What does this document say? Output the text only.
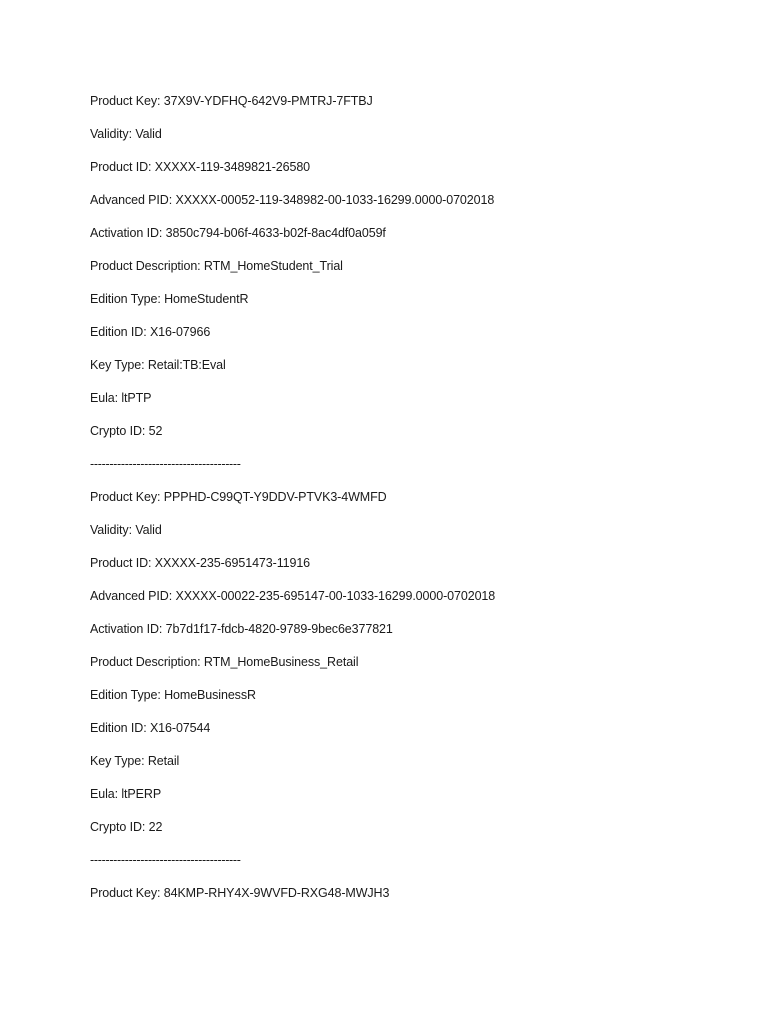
Product Key: 37X9V-YDFHQ-642V9-PMTRJ-7FTBJ
Validity: Valid
Product ID: XXXXX-119-3489821-26580
Advanced PID: XXXXX-00052-119-348982-00-1033-16299.0000-0702018
Activation ID: 3850c794-b06f-4633-b02f-8ac4df0a059f
Product Description: RTM_HomeStudent_Trial
Edition Type: HomeStudentR
Edition ID: X16-07966
Key Type: Retail:TB:Eval
Eula: ltPTP
Crypto ID: 52
---------------------------------------
Product Key: PPPHD-C99QT-Y9DDV-PTVK3-4WMFD
Validity: Valid
Product ID: XXXXX-235-6951473-11916
Advanced PID: XXXXX-00022-235-695147-00-1033-16299.0000-0702018
Activation ID: 7b7d1f17-fdcb-4820-9789-9bec6e377821
Product Description: RTM_HomeBusiness_Retail
Edition Type: HomeBusinessR
Edition ID: X16-07544
Key Type: Retail
Eula: ltPERP
Crypto ID: 22
---------------------------------------
Product Key: 84KMP-RHY4X-9WVFD-RXG48-MWJH3
